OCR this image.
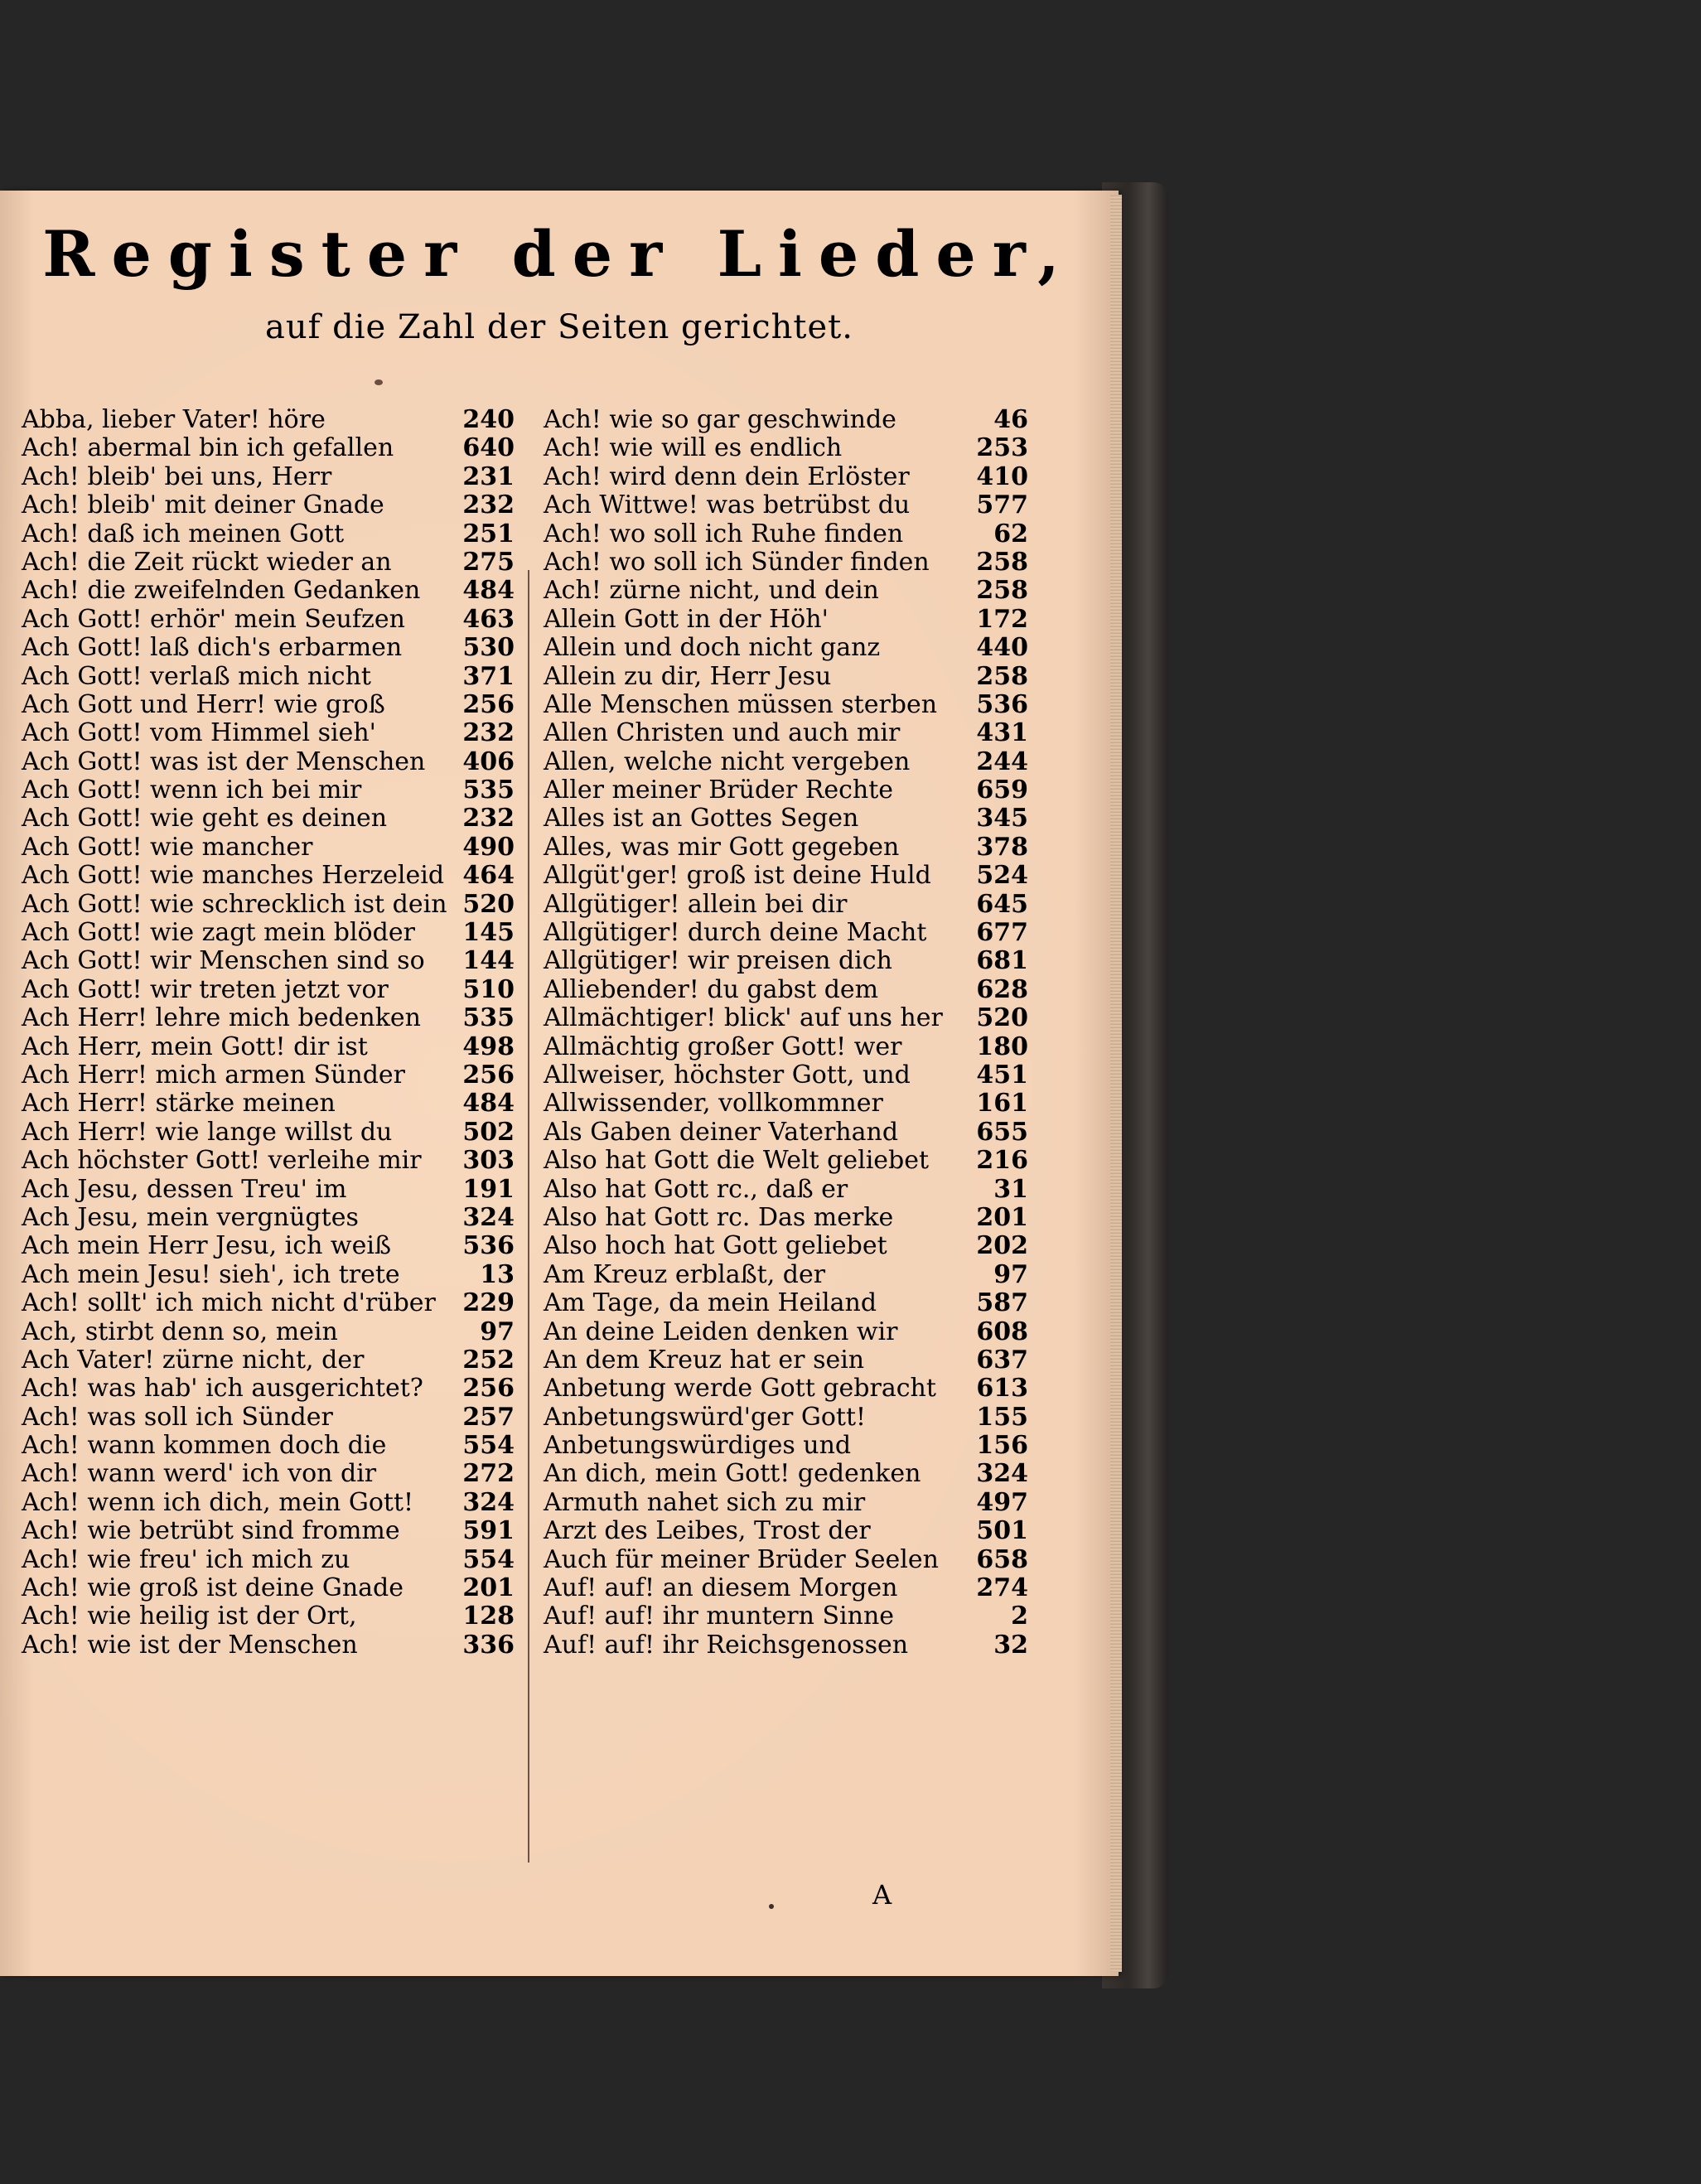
Register der Lieder,

auf die Zahl der Seiten gerichtet.

Abba, lieber Vater! höre	240
Ach! abermal bin ich gefallen	640
Ach! bleib' bei uns, Herr	231
Ach! bleib' mit deiner Gnade	232
Ach! daß ich meinen Gott	251
Ach! die Zeit rückt wieder an	275
Ach! die zweifelnden Gedanken 484
Ach Gott! erhör' mein Seufzen 463
Ach Gott! laß dich's erbarmen 530
Ach Gott! verlaß mich nicht	371
Ach Gott und Herr! wie groß	256
Ach Gott! vom Himmel sieh'	232
Ach Gott! was ist der Menschen 406
Ach Gott! wenn ich bei mir	535
Ach Gott! wie geht es deinen	232
Ach Gott! wie mancher	490
Ach Gott! wie manches Herzeleid 464
Ach Gott! wie schrecklich ist dein 520
Ach Gott! wie zagt mein blöder 145
Ach Gott! wir Menschen sind so 144
Ach Gott! wir treten jetzt vor	510
Ach Herr! lehre mich bedenken 535
Ach Herr, mein Gott! dir ist	498
Ach Herr! mich armen Sünder 256
Ach Herr! stärke meinen	484
Ach Herr! wie lange willst du	502
Ach höchster Gott! verleihe mir 303
Ach Jesu, dessen Treu' im	191
Ach Jesu, mein vergnügtes	324
Ach mein Herr Jesu, ich weiß	536
Ach mein Jesu! sieh', ich trete	13
Ach! sollt' ich mich nicht d'rüber 229
Ach, stirbt denn so, mein	97
Ach Vater! zürne nicht, der	252
Ach! was hab' ich ausgerichtet? 256
Ach! was soll ich Sünder	257
Ach! wann kommen doch die	554
Ach! wann werd' ich von dir	272
Ach! wenn ich dich, mein Gott! 324
Ach! wie betrübt sind fromme	591
Ach! wie freu' ich mich zu	554
Ach! wie groß ist deine Gnade 201
Ach! wie heilig ist der Ort,	128
Ach! wie ist der Menschen	336
Ach! wie so gar geschwinde	46
Ach! wie will es endlich	253
Ach! wird denn dein Erlöster	410
Ach Wittwe! was betrübst du	577
Ach! wo soll ich Ruhe finden	62
Ach! wo soll ich Sünder finden 258
Ach! zürne nicht, und dein	258
Allein Gott in der Höh'	172
Allein und doch nicht ganz	440
Allein zu dir, Herr Jesu	258
Alle Menschen müssen sterben 536
Allen Christen und auch mir	431
Allen, welche nicht vergeben	244
Aller meiner Brüder Rechte	659
Alles ist an Gottes Segen	345
Alles, was mir Gott gegeben	378
Allgüt'ger! groß ist deine Huld 524
Allgütiger! allein bei dir	645
Allgütiger! durch deine Macht 677
Allgütiger! wir preisen dich	681
Alliebender! du gabst dem	628
Allmächtiger! blick' auf uns her 520
Allmächtig großer Gott! wer	180
Allweiser, höchster Gott, und	451
Allwissender, vollkommner	161
Als Gaben deiner Vaterhand	655
Also hat Gott die Welt geliebet 216
Also hat Gott rc., daß er	31
Also hat Gott rc. Das merke	201
Also hoch hat Gott geliebet	202
Am Kreuz erblaßt, der	97
Am Tage, da mein Heiland	587
An deine Leiden denken wir	608
An dem Kreuz hat er sein	637
Anbetung werde Gott gebracht 613
Anbetungswürd'ger Gott!	155
Anbetungswürdiges und	156
An dich, mein Gott! gedenken 324
Armuth nahet sich zu mir	497
Arzt des Leibes, Trost der	501
Auch für meiner Brüder Seelen 658
Auf! auf! an diesem Morgen	274
Auf! auf! ihr muntern Sinne	2
Auf! auf! ihr Reichsgenossen	32

A
